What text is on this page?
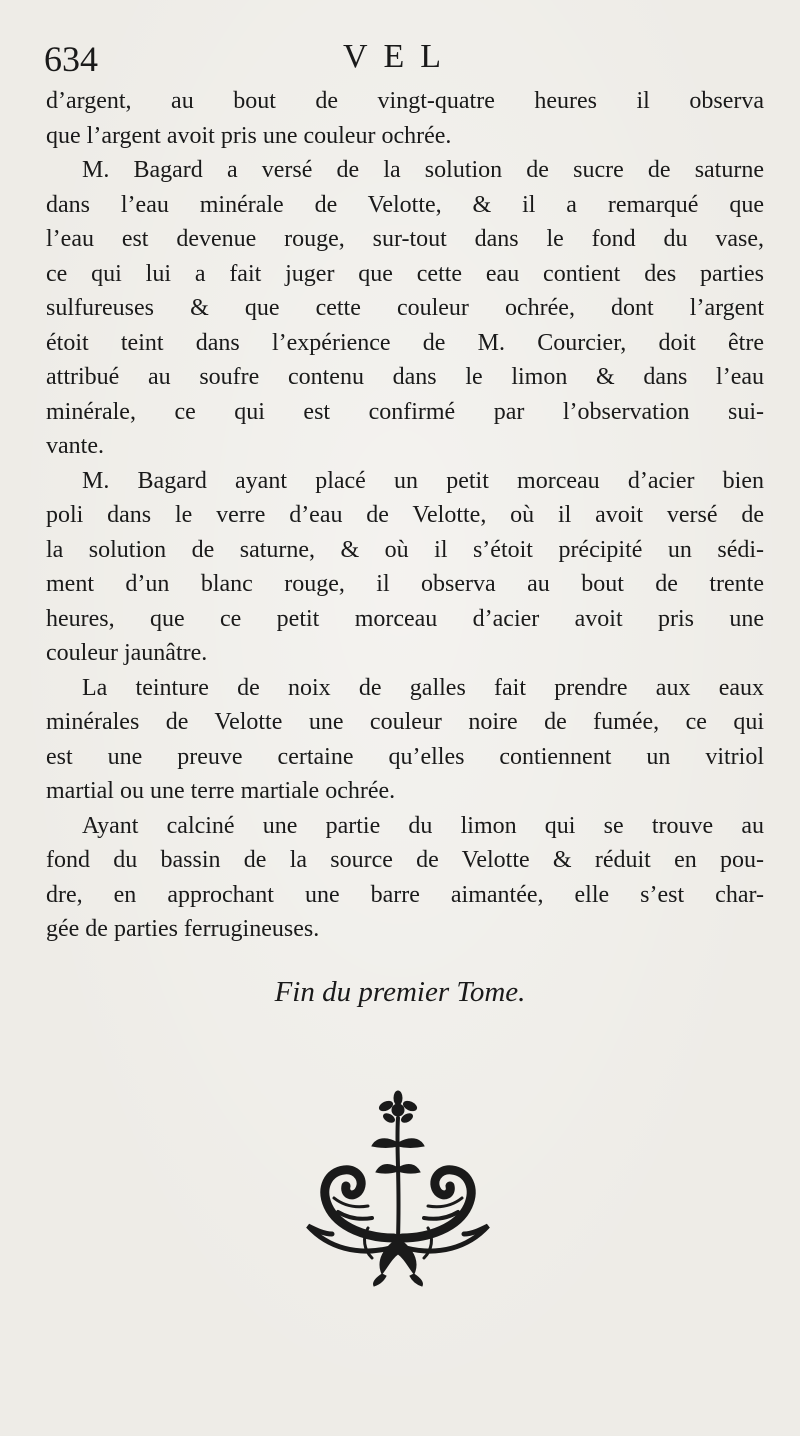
634	VEL
d’argent, au bout de vingt-quatre heures il observa
que l’argent avoit pris une couleur ochrée.
M. Bagard a versé de la solution de sucre de saturne
dans l’eau minérale de Velotte, & il a remarqué que
l’eau est devenue rouge, sur-tout dans le fond du vase,
ce qui lui a fait juger que cette eau contient des parties
sulfureuses & que cette couleur ochrée, dont l’argent
étoit teint dans l’expérience de M. Courcier, doit être
attribué au soufre contenu dans le limon & dans l’eau
minérale, ce qui est confirmé par l’observation sui-
vante.
M. Bagard ayant placé un petit morceau d’acier bien
poli dans le verre d’eau de Velotte, où il avoit versé de
la solution de saturne, & où il s’étoit précipité un sédi-
ment d’un blanc rouge, il observa au bout de trente
heures, que ce petit morceau d’acier avoit pris une
couleur jaunâtre.
La teinture de noix de galles fait prendre aux eaux
minérales de Velotte une couleur noire de fumée, ce qui
est une preuve certaine qu’elles contiennent un vitriol
martial ou une terre martiale ochrée.
Ayant calciné une partie du limon qui se trouve au
fond du bassin de la source de Velotte & réduit en pou-
dre, en approchant une barre aimantée, elle s’est char-
gée de parties ferrugineuses.
Fin du premier Tome.
